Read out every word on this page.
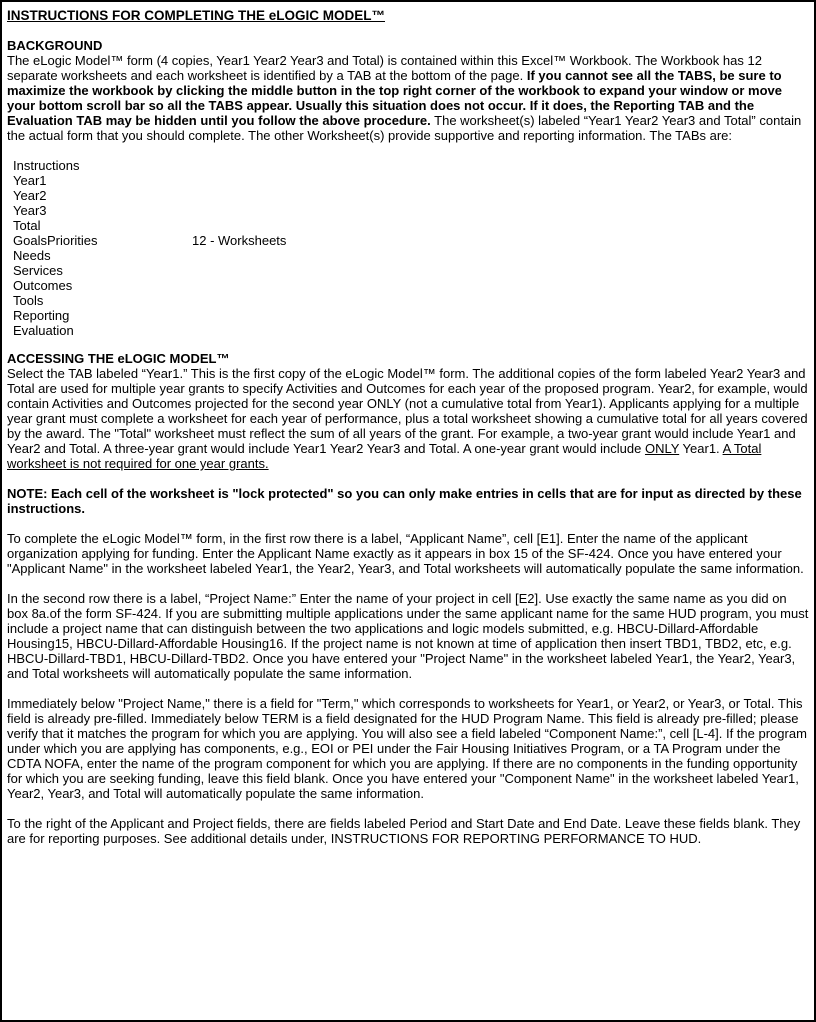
INSTRUCTIONS FOR COMPLETING THE eLOGIC MODEL™
BACKGROUND

The eLogic Model™ form (4 copies, Year1 Year2 Year3 and Total) is contained within this Excel™ Workbook. The Workbook has 12 separate worksheets and each worksheet is identified by a TAB at the bottom of the page. If you cannot see all the TABS, be sure to maximize the workbook by clicking the middle button in the top right corner of the workbook to expand your window or move your bottom scroll bar so all the TABS appear. Usually this situation does not occur. If it does, the Reporting TAB and the Evaluation TAB may be hidden until you follow the above procedure. The worksheet(s) labeled “Year1 Year2 Year3 and Total” contain the actual form that you should complete. The other Worksheet(s) provide supportive and reporting information. The TABs are:

Instructions
Year1
Year2
Year3
Total
GoalsPriorities	12 - Worksheets
Needs
Services
Outcomes
Tools
Reporting
Evaluation
ACCESSING THE eLOGIC MODEL™

Select the TAB labeled “Year1.” This is the first copy of the eLogic Model™ form. The additional copies of the form labeled Year2 Year3 and Total are used for multiple year grants to specify Activities and Outcomes for each year of the proposed program. Year2, for example, would contain Activities and Outcomes projected for the second year ONLY (not a cumulative total from Year1). Applicants applying for a multiple year grant must complete a worksheet for each year of performance, plus a total worksheet showing a cumulative total for all years covered by the award. The "Total" worksheet must reflect the sum of all years of the grant. For example, a two-year grant would include Year1 and Year2 and Total. A three-year grant would include Year1 Year2 Year3 and Total. A one-year grant would include ONLY Year1. A Total worksheet is not required for one year grants.

NOTE: Each cell of the worksheet is "lock protected" so you can only make entries in cells that are for input as directed by these instructions.

To complete the eLogic Model™ form, in the first row there is a label, “Applicant Name”, cell [E1]. Enter the name of the applicant organization applying for funding. Enter the Applicant Name exactly as it appears in box 15 of the SF-424. Once you have entered your "Applicant Name" in the worksheet labeled Year1, the Year2, Year3, and Total worksheets will automatically populate the same information.

In the second row there is a label, “Project Name:” Enter the name of your project in cell [E2]. Use exactly the same name as you did on box 8a.of the form SF-424. If you are submitting multiple applications under the same applicant name for the same HUD program, you must include a project name that can distinguish between the two applications and logic models submitted, e.g. HBCU-Dillard-Affordable Housing15, HBCU-Dillard-Affordable Housing16. If the project name is not known at time of application then insert TBD1, TBD2, etc, e.g. HBCU-Dillard-TBD1, HBCU-Dillard-TBD2. Once you have entered your "Project Name" in the worksheet labeled Year1, the Year2, Year3, and Total worksheets will automatically populate the same information.

Immediately below "Project Name," there is a field for "Term," which corresponds to worksheets for Year1, or Year2, or Year3, or Total. This field is already pre-filled. Immediately below TERM is a field designated for the HUD Program Name. This field is already pre-filled; please verify that it matches the program for which you are applying. You will also see a field labeled “Component Name:”, cell [L-4]. If the program under which you are applying has components, e.g., EOI or PEI under the Fair Housing Initiatives Program, or a TA Program under the CDTA NOFA, enter the name of the program component for which you are applying. If there are no components in the funding opportunity for which you are seeking funding, leave this field blank. Once you have entered your "Component Name" in the worksheet labeled Year1, Year2, Year3, and Total will automatically populate the same information.

To the right of the Applicant and Project fields, there are fields labeled Period and Start Date and End Date. Leave these fields blank. They are for reporting purposes. See additional details under, INSTRUCTIONS FOR REPORTING PERFORMANCE TO HUD.
